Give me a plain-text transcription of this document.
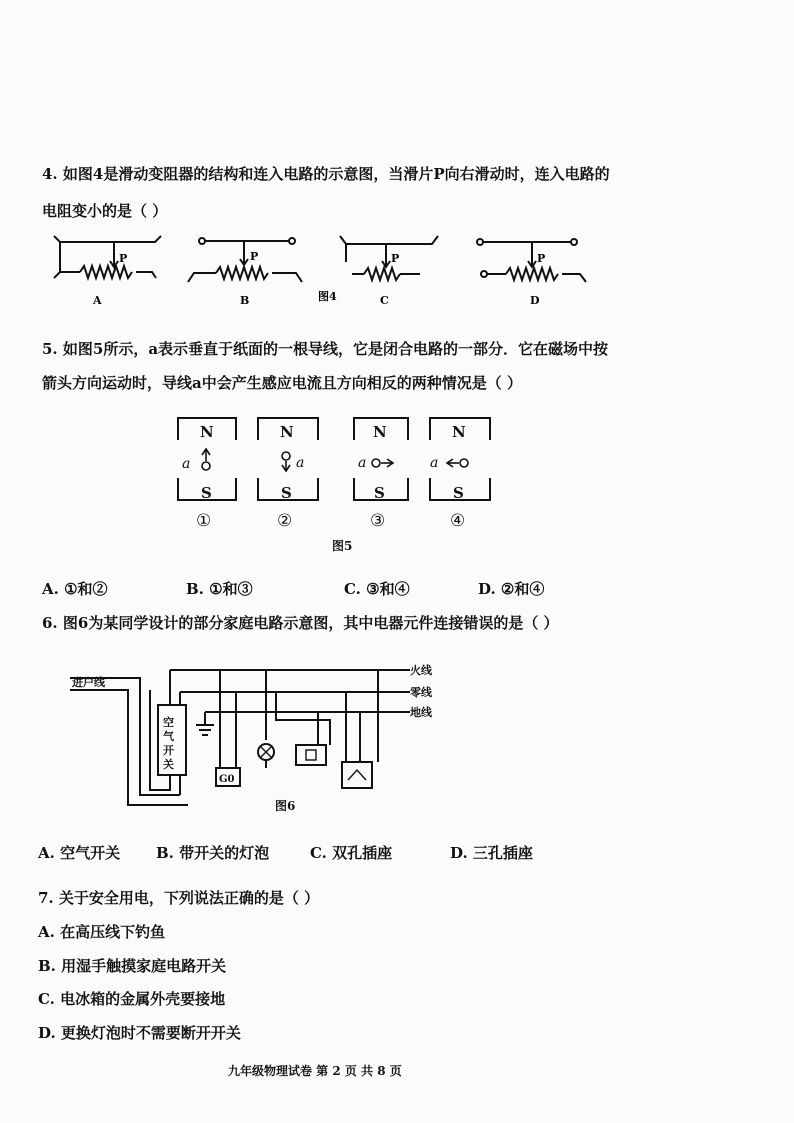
4. 如图4是滑动变阻器的结构和连入电路的示意图，当滑片P向右滑动时，连入电路的
电阻变小的是（ ）
P	P	P	P
A	B	图4	C	D
5. 如图5所示，a表示垂直于纸面的一根导线，它是闭合电路的一部分．它在磁场中按
箭头方向运动时，导线a中会产生感应电流且方向相反的两种情况是（ ）
N	N	N	N
S	S	S	S
a	a	a	a
①	②	③	④
图5
A. ①和②	B. ①和③	C. ③和④	D. ②和④
6. 图6为某同学设计的部分家庭电路示意图，其中电器元件连接错误的是（ ）
空
气
开
关
G0
进户线
火线
零线
地线
图6
A. 空气开关 B. 带开关的灯泡	C. 双孔插座	D. 三孔插座
7. 关于安全用电，下列说法正确的是（ ）
A. 在高压线下钓鱼
B. 用湿手触摸家庭电路开关
C. 电冰箱的金属外壳要接地
D. 更换灯泡时不需要断开开关
九年级物理试卷 第 2 页 共 8 页
